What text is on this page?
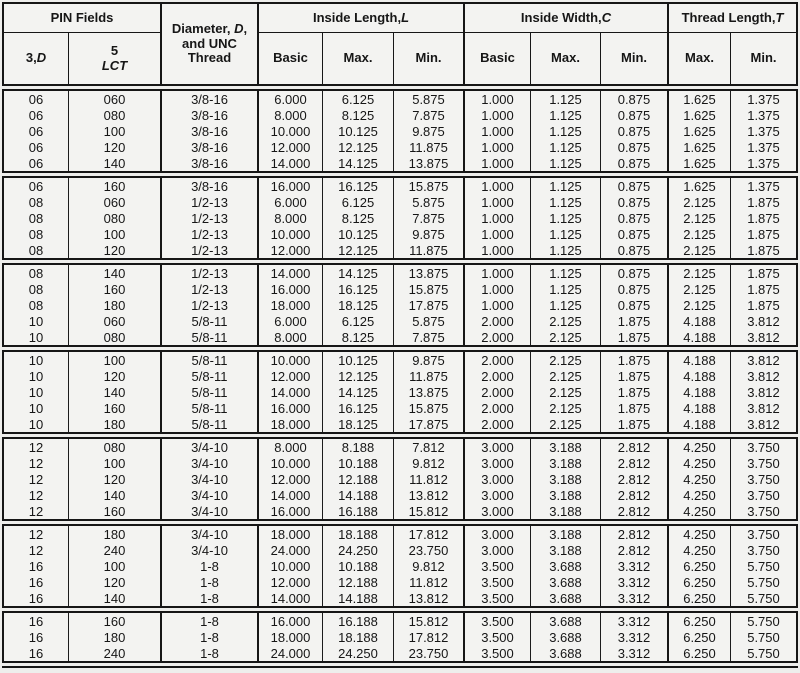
PIN Fields
3, D	5
LCT
Diameter, D,
and UNC
Thread
Inside Length, L
Basic	Max.	Min.
Inside Width, C
Basic	Max.	Min.
Thread Length, T
Max.	Min.
06	060	3/8-16	6.000	6.125	5.875	1.000	1.125	0.875	1.625	1.375
06	080	3/8-16	8.000	8.125	7.875	1.000	1.125	0.875	1.625	1.375
06	100	3/8-16	10.000	10.125	9.875	1.000	1.125	0.875	1.625	1.375
06	120	3/8-16	12.000	12.125	11.875	1.000	1.125	0.875	1.625	1.375
06	140	3/8-16	14.000	14.125	13.875	1.000	1.125	0.875	1.625	1.375
06	160	3/8-16	16.000	16.125	15.875	1.000	1.125	0.875	1.625	1.375
08	060	1/2-13	6.000	6.125	5.875	1.000	1.125	0.875	2.125	1.875
08	080	1/2-13	8.000	8.125	7.875	1.000	1.125	0.875	2.125	1.875
08	100	1/2-13	10.000	10.125	9.875	1.000	1.125	0.875	2.125	1.875
08	120	1/2-13	12.000	12.125	11.875	1.000	1.125	0.875	2.125	1.875
08	140	1/2-13	14.000	14.125	13.875	1.000	1.125	0.875	2.125	1.875
08	160	1/2-13	16.000	16.125	15.875	1.000	1.125	0.875	2.125	1.875
08	180	1/2-13	18.000	18.125	17.875	1.000	1.125	0.875	2.125	1.875
10	060	5/8-11	6.000	6.125	5.875	2.000	2.125	1.875	4.188	3.812
10	080	5/8-11	8.000	8.125	7.875	2.000	2.125	1.875	4.188	3.812
10	100	5/8-11	10.000	10.125	9.875	2.000	2.125	1.875	4.188	3.812
10	120	5/8-11	12.000	12.125	11.875	2.000	2.125	1.875	4.188	3.812
10	140	5/8-11	14.000	14.125	13.875	2.000	2.125	1.875	4.188	3.812
10	160	5/8-11	16.000	16.125	15.875	2.000	2.125	1.875	4.188	3.812
10	180	5/8-11	18.000	18.125	17.875	2.000	2.125	1.875	4.188	3.812
12	080	3/4-10	8.000	8.188	7.812	3.000	3.188	2.812	4.250	3.750
12	100	3/4-10	10.000	10.188	9.812	3.000	3.188	2.812	4.250	3.750
12	120	3/4-10	12.000	12.188	11.812	3.000	3.188	2.812	4.250	3.750
12	140	3/4-10	14.000	14.188	13.812	3.000	3.188	2.812	4.250	3.750
12	160	3/4-10	16.000	16.188	15.812	3.000	3.188	2.812	4.250	3.750
12	180	3/4-10	18.000	18.188	17.812	3.000	3.188	2.812	4.250	3.750
12	240	3/4-10	24.000	24.250	23.750	3.000	3.188	2.812	4.250	3.750
16	100	1-8	10.000	10.188	9.812	3.500	3.688	3.312	6.250	5.750
16	120	1-8	12.000	12.188	11.812	3.500	3.688	3.312	6.250	5.750
16	140	1-8	14.000	14.188	13.812	3.500	3.688	3.312	6.250	5.750
16	160	1-8	16.000	16.188	15.812	3.500	3.688	3.312	6.250	5.750
16	180	1-8	18.000	18.188	17.812	3.500	3.688	3.312	6.250	5.750
16	240	1-8	24.000	24.250	23.750	3.500	3.688	3.312	6.250	5.750
